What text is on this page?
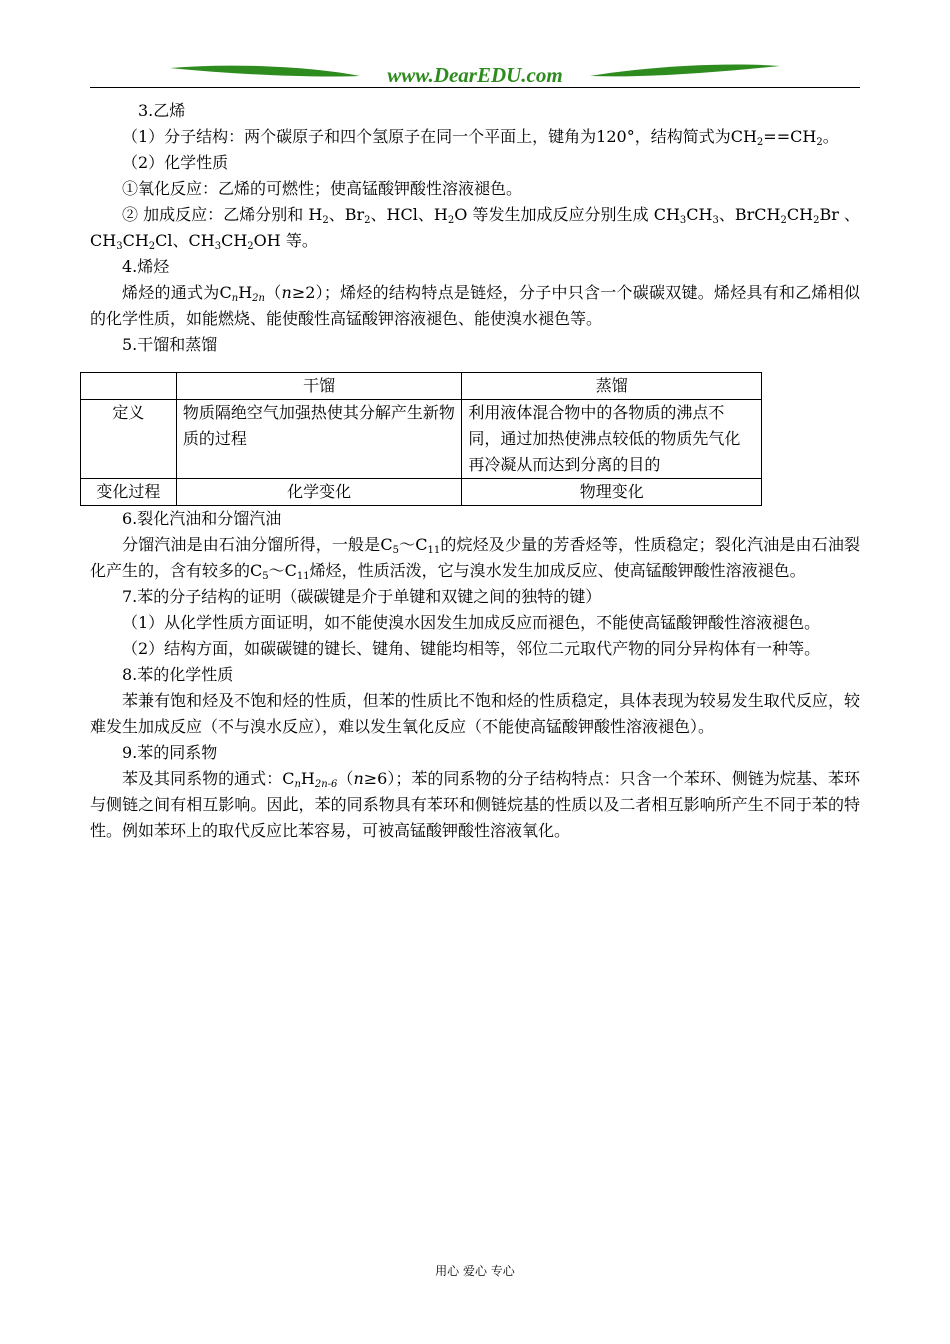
www.DearEDU.com

3.乙烯

（1）分子结构：两个碳原子和四个氢原子在同一个平面上，键角为120°，结构简式为$CH_2==CH_2$。

（2）化学性质

①氧化反应：乙烯的可燃性；使高锰酸钾酸性溶液褪色。

② 加成反应：乙烯分别和 $H_2$、$Br_2$、HCl、$H_2O$ 等发生加成反应分别生成 $CH_3CH_3$、$BrCH_2CH_2Br$ 、$CH_3CH_2Cl$、$CH_3CH_2OH$ 等。

4.烯烃

烯烃的通式为$C_nH_{2n}(n\ge 2)$；烯烃的结构特点是链烃，分子中只含一个碳碳双键。烯烃具有和乙烯相似的化学性质，如能燃烧、能使酸性高锰酸钾溶液褪色、能使溴水褪色等。

5.干馏和蒸馏

	干馏	蒸馏
定义	物质隔绝空气加强热使其分解产生新物质的过程	利用液体混合物中的各物质的沸点不同，通过加热使沸点较低的物质先气化再冷凝从而达到分离的目的
变化过程	化学变化	物理变化

6.裂化汽油和分馏汽油

分馏汽油是由石油分馏所得，一般是$C_5\sim C_{11}$的烷烃及少量的芳香烃等，性质稳定；裂化汽油是由石油裂化产生的，含有较多的$C_5\sim C_{11}$烯烃，性质活泼，它与溴水发生加成反应、使高锰酸钾酸性溶液褪色。

7.苯的分子结构的证明（碳碳键是介于单键和双键之间的独特的键）

（1）从化学性质方面证明，如不能使溴水因发生加成反应而褪色，不能使高锰酸钾酸性溶液褪色。

（2）结构方面，如碳碳键的键长、键角、键能均相等，邻位二元取代产物的同分异构体有一种等。

8.苯的化学性质

苯兼有饱和烃及不饱和烃的性质，但苯的性质比不饱和烃的性质稳定，具体表现为较易发生取代反应，较难发生加成反应（不与溴水反应），难以发生氧化反应（不能使高锰酸钾酸性溶液褪色）。

9.苯的同系物

苯及其同系物的通式：$C_nH_{2n-6}(n\ge 6)$；苯的同系物的分子结构特点：只含一个苯环、侧链为烷基、苯环与侧链之间有相互影响。因此，苯的同系物具有苯环和侧链烷基的性质以及二者相互影响所产生不同于苯的特性。例如苯环上的取代反应比苯容易，可被高锰酸钾酸性溶液氧化。

用心 爱心 专心
